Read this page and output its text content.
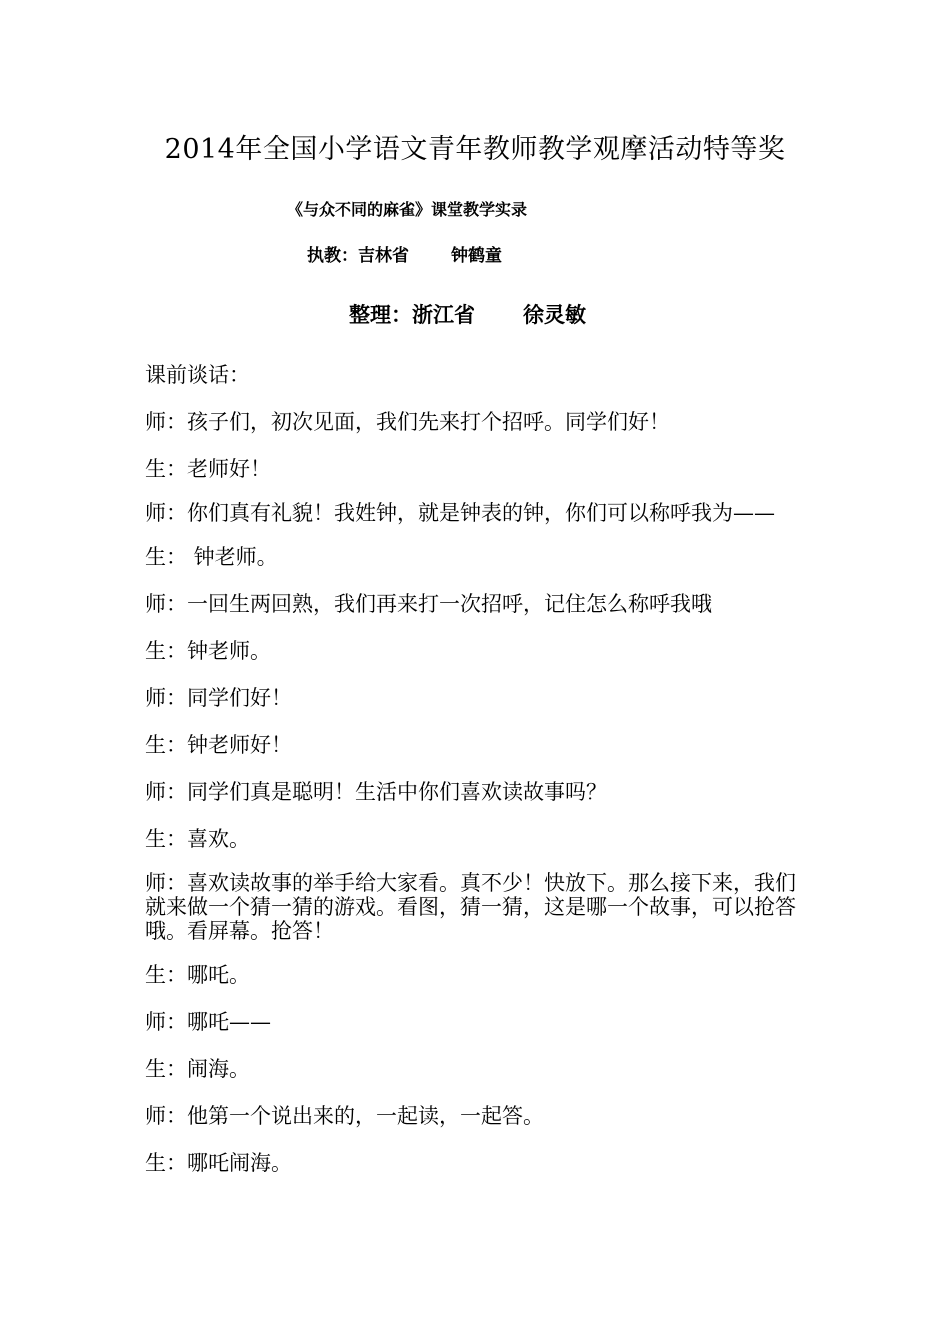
2014年全国小学语文青年教师教学观摩活动特等奖
《与众不同的麻雀》课堂教学实录
执教：吉林省 钟鹤童
整理：浙江省 徐灵敏

课前谈话：

师：孩子们，初次见面，我们先来打个招呼。同学们好！

生：老师好！

师：你们真有礼貌！我姓钟，就是钟表的钟，你们可以称呼我为——

生： 钟老师。

师：一回生两回熟，我们再来打一次招呼，记住怎么称呼我哦

生：钟老师。

师：同学们好！

生：钟老师好！

师：同学们真是聪明！生活中你们喜欢读故事吗？

生：喜欢。

师：喜欢读故事的举手给大家看。真不少！快放下。那么接下来，我们就来做一个猜一猜的游戏。看图，猜一猜，这是哪一个故事，可以抢答哦。看屏幕。抢答！

生：哪吒。

师：哪吒——

生：闹海。

师：他第一个说出来的，一起读，一起答。

生：哪吒闹海。
